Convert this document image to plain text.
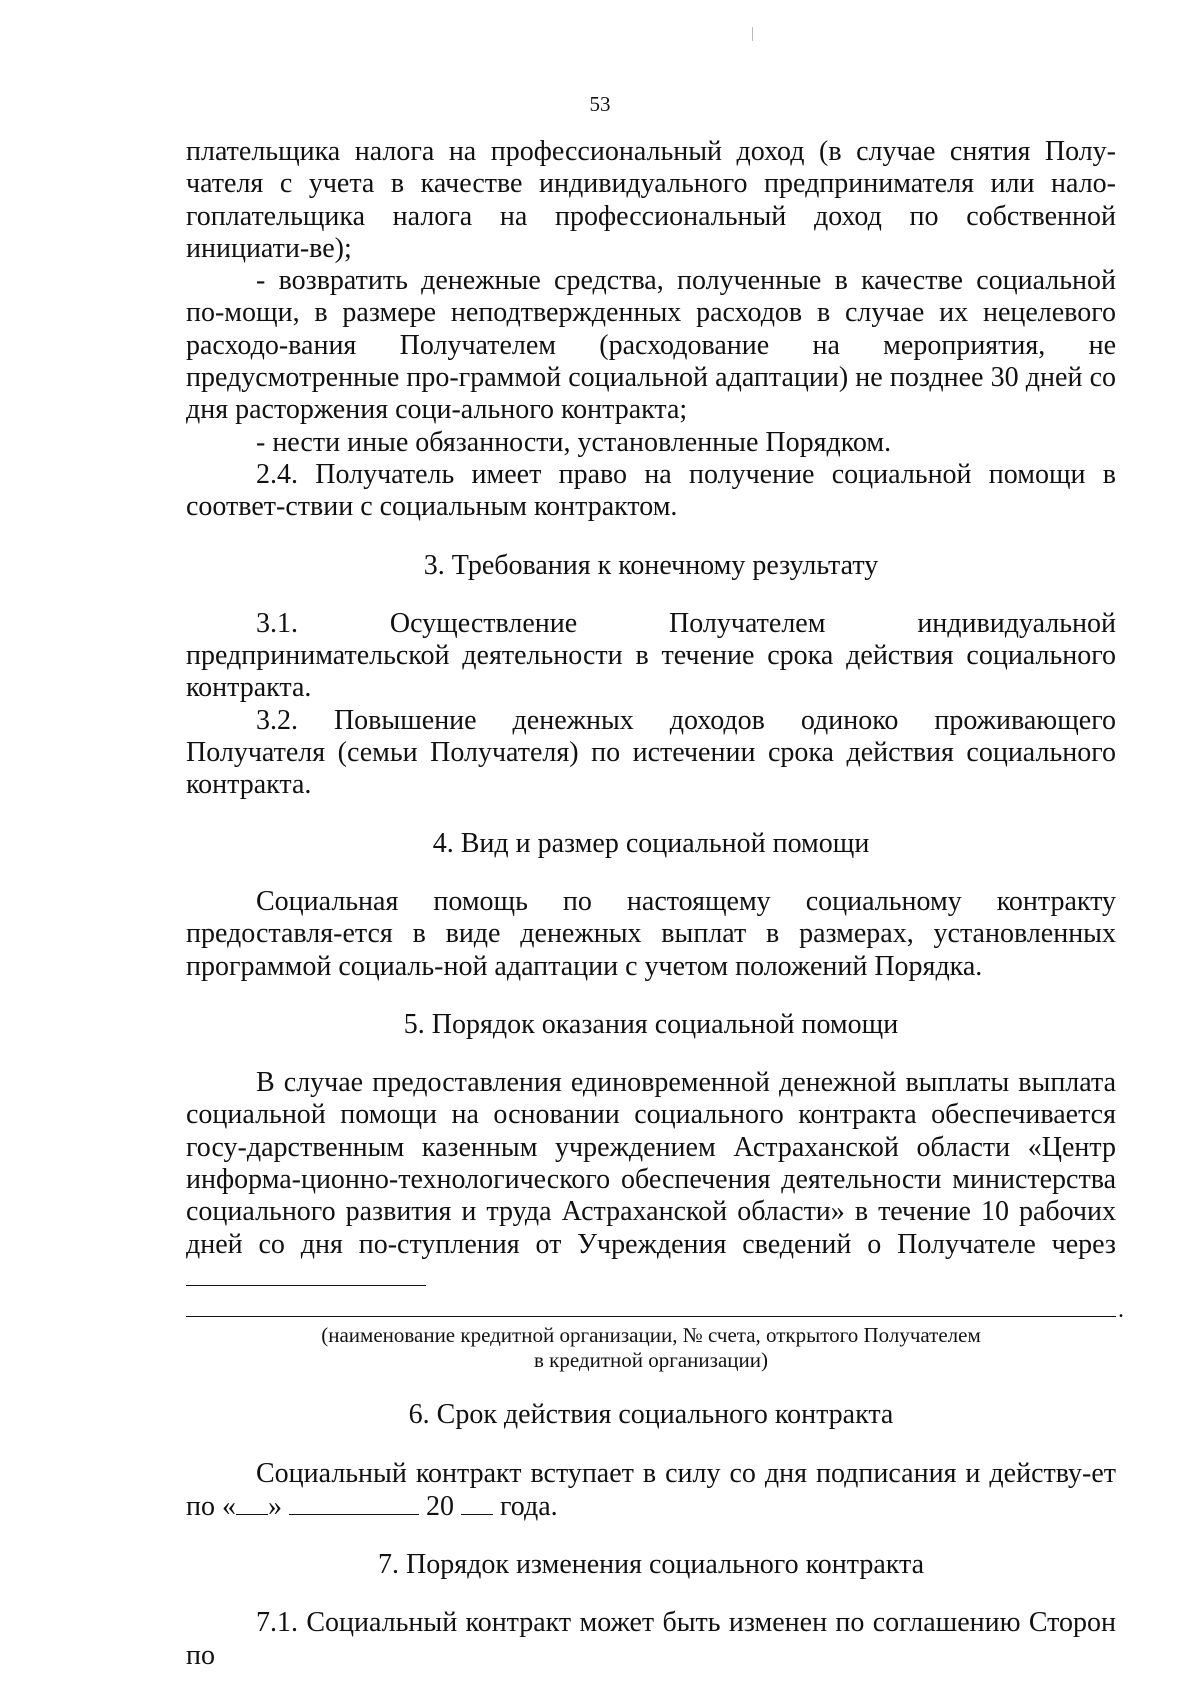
53

плательщика налога на профессиональный доход (в случае снятия Полу-чателя с учета в качестве индивидуального предпринимателя или нало-гоплательщика налога на профессиональный доход по собственной инициати-ве);

- возвратить денежные средства, полученные в качестве социальной по-мощи, в размере неподтвержденных расходов в случае их нецелевого расходо-вания Получателем (расходование на мероприятия, не предусмотренные про-граммой социальной адаптации) не позднее 30 дней со дня расторжения соци-ального контракта;

- нести иные обязанности, установленные Порядком.

2.4. Получатель имеет право на получение социальной помощи в соответ-ствии с социальным контрактом.

3. Требования к конечному результату

3.1. Осуществление Получателем индивидуальной предпринимательской деятельности в течение срока действия социального контракта.

3.2. Повышение денежных доходов одиноко проживающего Получателя (семьи Получателя) по истечении срока действия социального контракта.

4. Вид и размер социальной помощи

Социальная помощь по настоящему социальному контракту предоставля-ется в виде денежных выплат в размерах, установленных программой социаль-ной адаптации с учетом положений Порядка.

5. Порядок оказания социальной помощи

В случае предоставления единовременной денежной выплаты выплата социальной помощи на основании социального контракта обеспечивается госу-дарственным казенным учреждением Астраханской области «Центр информа-ционно-технологического обеспечения деятельности министерства социального развития и труда Астраханской области» в течение 10 рабочих дней со дня по-ступления от Учреждения сведений о Получателе через

.

(наименование кредитной организации, № счета, открытого Получателем

в кредитной организации)

6. Срок действия социального контракта

Социальный контракт вступает в силу со дня подписания и действу-ет по « »	20 года.

7. Порядок изменения социального контракта

7.1. Социальный контракт может быть изменен по соглашению Сторон по
